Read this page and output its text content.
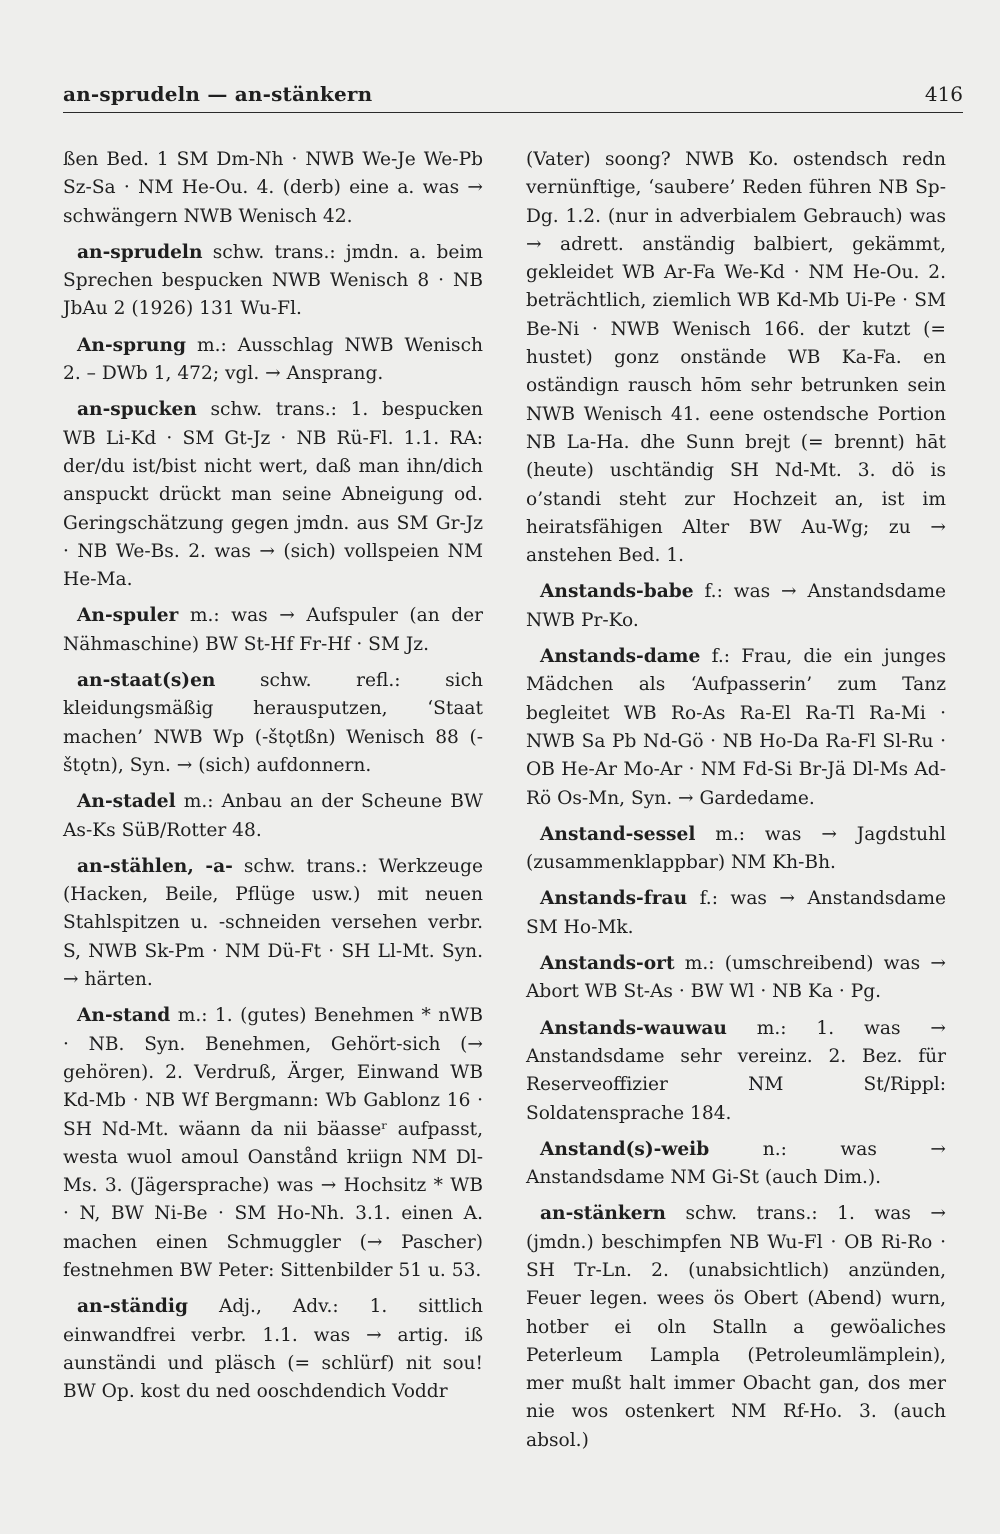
an-sprudeln — an-stänkern	416

ßen Bed. 1 SM Dm-Nh · NWB We-Je We-Pb Sz-Sa · NM He-Ou. 4. (derb) eine a. was → schwängern NWB Wenisch 42.

an-sprudeln schw. trans.: jmdn. a. beim Sprechen bespucken NWB Wenisch 8 · NB JbAu 2 (1926) 131 Wu-Fl.

An-sprung m.: Ausschlag NWB Wenisch 2. – DWb 1, 472; vgl. → Ansprang.

an-spucken schw. trans.: 1. bespucken WB Li-Kd · SM Gt-Jz · NB Rü-Fl. 1.1. RA: der/du ist/bist nicht wert, daß man ihn/dich anspuckt drückt man seine Abneigung od. Geringschätzung gegen jmdn. aus SM Gr-Jz · NB We-Bs. 2. was → (sich) vollspeien NM He-Ma.

An-spuler m.: was → Aufspuler (an der Nähmaschine) BW St-Hf Fr-Hf · SM Jz.

an-staat(s)en schw. refl.: sich kleidungsmäßig herausputzen, ‘Staat machen’ NWB Wp (-štǫtßn) Wenisch 88 (-štǫtn), Syn. → (sich) aufdonnern.

An-stadel m.: Anbau an der Scheune BW As-Ks SüB/Rotter 48.

an-stählen, -a- schw. trans.: Werkzeuge (Hacken, Beile, Pflüge usw.) mit neuen Stahlspitzen u. -schneiden versehen verbr. S, NWB Sk-Pm · NM Dü-Ft · SH Ll-Mt. Syn. → härten.

An-stand m.: 1. (gutes) Benehmen * nWB · NB. Syn. Benehmen, Gehört-sich (→ gehören). 2. Verdruß, Ärger, Einwand WB Kd-Mb · NB Wf Bergmann: Wb Gablonz 16 · SH Nd-Mt. wäann da nii bäasseʳ aufpasst, westa wuol amoul Oanstånd kriign NM Dl-Ms. 3. (Jägersprache) was → Hochsitz * WB · N, BW Ni-Be · SM Ho-Nh. 3.1. einen A. machen einen Schmuggler (→ Pascher) festnehmen BW Peter: Sittenbilder 51 u. 53.

an-ständig Adj., Adv.: 1. sittlich einwandfrei verbr. 1.1. was → artig. iß aunständi und pläsch (= schlürf) nit sou! BW Op. kost du ned ooschdendich Voddr

(Vater) soong? NWB Ko. ostendsch redn vernünftige, ‘saubere’ Reden führen NB Sp-Dg. 1.2. (nur in adverbialem Gebrauch) was → adrett. anständig balbiert, gekämmt, gekleidet WB Ar-Fa We-Kd · NM He-Ou. 2. beträchtlich, ziemlich WB Kd-Mb Ui-Pe · SM Be-Ni · NWB Wenisch 166. der kutzt (= hustet) gonz onstände WB Ka-Fa. en oständign rausch hōm sehr betrunken sein NWB Wenisch 41. eene ostendsche Portion NB La-Ha. dhe Sunn brejt (= brennt) hāt (heute) uschtändig SH Nd-Mt. 3. dö is o’standi steht zur Hochzeit an, ist im heiratsfähigen Alter BW Au-Wg; zu → anstehen Bed. 1.

Anstands-babe f.: was → Anstandsdame NWB Pr-Ko.

Anstands-dame f.: Frau, die ein junges Mädchen als ‘Aufpasserin’ zum Tanz begleitet WB Ro-As Ra-El Ra-Tl Ra-Mi · NWB Sa Pb Nd-Gö · NB Ho-Da Ra-Fl Sl-Ru · OB He-Ar Mo-Ar · NM Fd-Si Br-Jä Dl-Ms Ad-Rö Os-Mn, Syn. → Gardedame.

Anstand-sessel m.: was → Jagdstuhl (zusammenklappbar) NM Kh-Bh.

Anstands-frau f.: was → Anstandsdame SM Ho-Mk.

Anstands-ort m.: (umschreibend) was → Abort WB St-As · BW Wl · NB Ka · Pg.

Anstands-wauwau m.: 1. was → Anstandsdame sehr vereinz. 2. Bez. für Reserveoffizier NM St/Rippl: Soldatensprache 184.

Anstand(s)-weib n.: was → Anstandsdame NM Gi-St (auch Dim.).

an-stänkern schw. trans.: 1. was → (jmdn.) beschimpfen NB Wu-Fl · OB Ri-Ro · SH Tr-Ln. 2. (unabsichtlich) anzünden, Feuer legen. wees ös Obert (Abend) wurn, hotber ei oln Stalln a gewöaliches Peterleum Lampla (Petroleumlämplein), mer mußt halt immer Obacht gan, dos mer nie wos ostenkert NM Rf-Ho. 3. (auch absol.)
